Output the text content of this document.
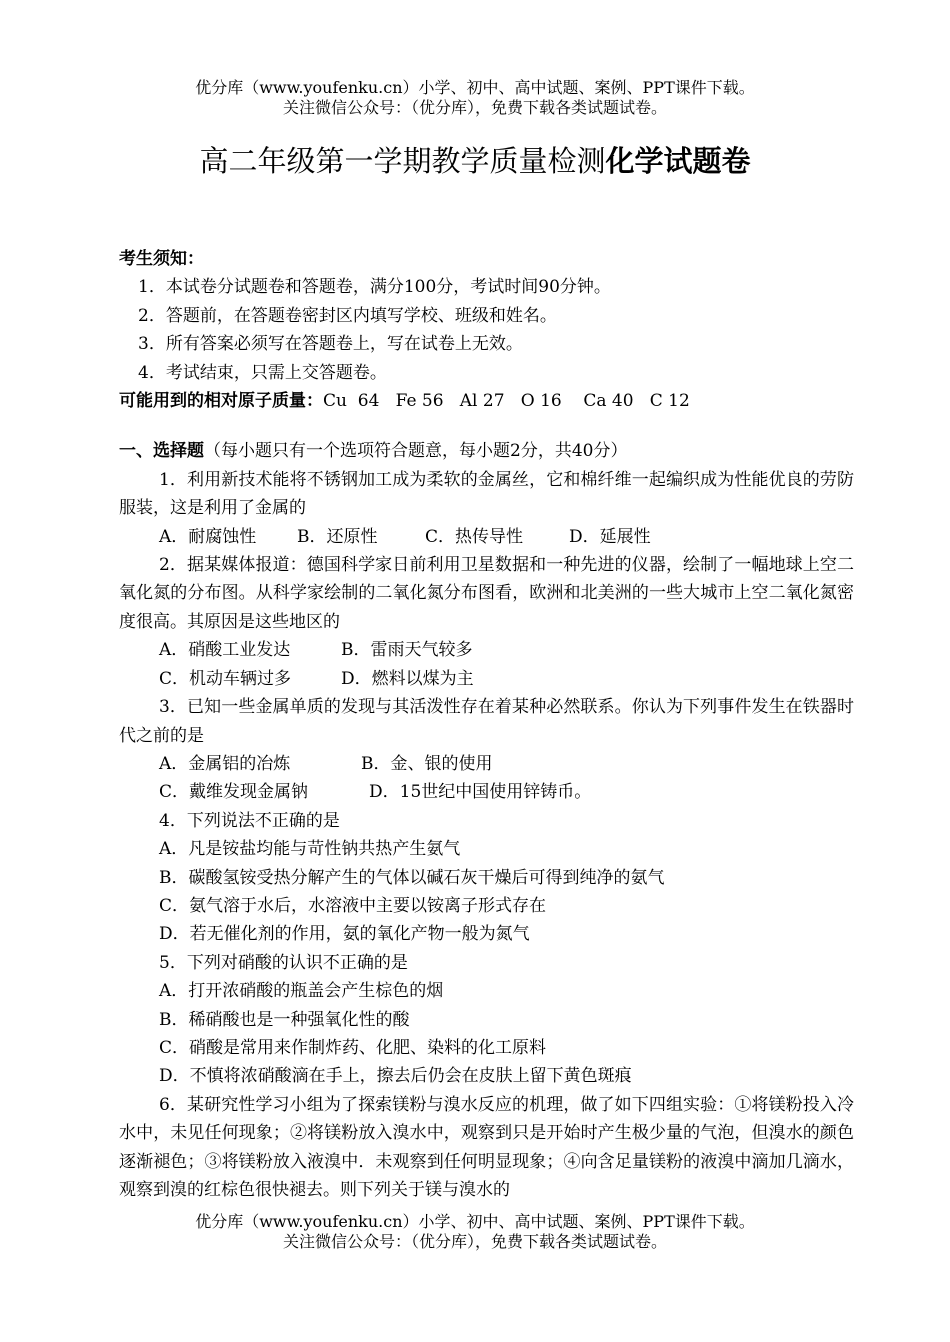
优分库（www.youfenku.cn）小学、初中、高中试题、案例、PPT课件下载。
关注微信公众号：（优分库），免费下载各类试题试卷。
高二年级第一学期教学质量检测化学试题卷

考生须知：

1．本试卷分试题卷和答题卷，满分100分，考试时间90分钟。

2．答题前，在答题卷密封区内填写学校、班级和姓名。

3．所有答案必须写在答题卷上，写在试卷上无效。

4．考试结束，只需上交答题卷。

可能用到的相对原子质量：Cu  64   Fe 56   Al 27   O 16    Ca 40   C 12

一、选择题（每小题只有一个选项符合题意，每小题2分，共40分）

1．利用新技术能将不锈钢加工成为柔软的金属丝，它和棉纤维一起编织成为性能优良的劳防服装，这是利用了金属的

A．耐腐蚀性 B．还原性	C．热传导性	D．延展性

2．据某媒体报道：德国科学家日前利用卫星数据和一种先进的仪器，绘制了一幅地球上空二氧化氮的分布图。从科学家绘制的二氧化氮分布图看，欧洲和北美洲的一些大城市上空二氧化氮密度很高。其原因是这些地区的

A．硝酸工业发达	B．雷雨天气较多

C．机动车辆过多	D．燃料以煤为主

3．已知一些金属单质的发现与其活泼性存在着某种必然联系。你认为下列事件发生在铁器时代之前的是

A．金属铝的冶炼	B．金、银的使用

C．戴维发现金属钠	D．15世纪中国使用锌铸币。

4．下列说法不正确的是

A．凡是铵盐均能与苛性钠共热产生氨气

B．碳酸氢铵受热分解产生的气体以碱石灰干燥后可得到纯净的氨气

C．氨气溶于水后，水溶液中主要以铵离子形式存在

D．若无催化剂的作用，氨的氧化产物一般为氮气

5．下列对硝酸的认识不 ·正 ·确的是

A．打开浓硝酸的瓶盖会产生棕色的烟

B．稀硝酸也是一种强氧化性的酸

C．硝酸是常用来作制炸药、化肥、染料的化工原料

D．不慎将浓硝酸滴在手上，擦去后仍会在皮肤上留下黄色斑痕

6．某研究性学习小组为了探索镁粉与溴水反应的机理，做了如下四组实验：①将镁粉投入冷水中，未见任何现象；②将镁粉放入溴水中，观察到只是开始时产生极少量的气泡，但溴水的颜色逐渐褪色；③将镁粉放入液溴中．未观察到任何明显现象；④向含足量镁粉的液溴中滴加几滴水，观察到溴的红棕色很快褪去。则下列关于镁与溴水的

优分库（www.youfenku.cn）小学、初中、高中试题、案例、PPT课件下载。
关注微信公众号：（优分库），免费下载各类试题试卷。
